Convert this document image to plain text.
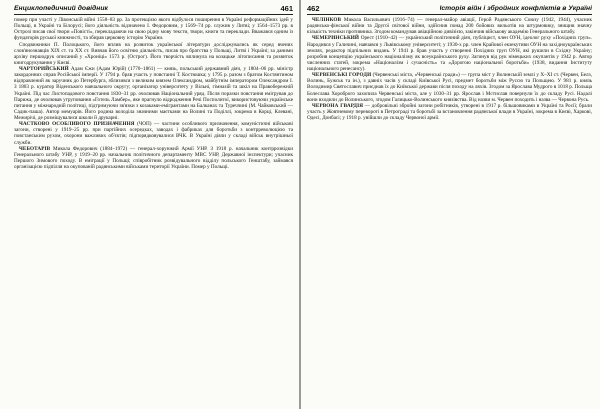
Енциклопедичний довідник	461

помер при участі у Лівонській війні 1558–83 рр. За протекцією якого відбулося поширення в Україні реформаційних ідей у Польщі, в Україні та Білорусі; його діяльність відзначено І. Федоровим, у 1569–74 рр. служив у Литві; у 1564–1573 рр. в Острозі писав свої твори «Повісті», перекладаючи на свою рідну мову тексти, твори, книги та переклади. Вважався одним із фундаторів руської книжності, та збирав церковну історію України.

Сподвижники П. Полоцького, його вплив на розвиток української літератури досліджувались як серед вчених слов'янознавців XIX ст. та XX ст. Вивчав його освітню діяльність, писав про братства у Польщі, Литві і Україні; за даними архіву першодрук описаний у «Хроніці» 1573 р. (Острог). Його творчість вплинула на козацьке літописання та розвиток книгодрукування у Києві.

ЧАРТОРИЙСЬКИЙ Адам Єжи (Адам Юрій) (1770–1861) — князь, польський державний діяч, у 1804–06 рр. міністр закордонних справ Російської імперії. У 1794 р. брав участь у повстанні Т. Костюшка; у 1795 р. разом з братом Костянтином відправлений як заручник до Петербурга, зблизився з великим князем Олександром, майбутнім імператором Олександром I. З 1803 р. куратор Віденського навчального округу; організатор університету у Вільні, гімназій та шкіл на Правобережній Україні. Під час Листопадового повстання 1830–31 рр. очолював Національний уряд. Після поразки повстання емігрував до Парижа, де очолював угруповання «Готель Ламбер», яке прагнуло відродження Речі Посполитої, використовуючи українське питання у міжнародній політиці, підтримуючи зв'язки з козаками-емігрантами на Балканах та Туреччині (М. Чайковський — Садик-паша). Автор мемуарів. Його родина володіла значними маєтками на Волині та Поділлі, зокрема в Корці, Клевані, Межирічі, де розміщувалися школи й друкарні.

ЧАСТКОВО ОСОБЛИВОГО ПРИЗНАЧЕННЯ (ЧОП) — частини особливого призначення, комуністичні військові загони, створені у 1919–25 рр. при партійних осередках, заводах і фабриках для боротьби з контрреволюцією та повстанським рухом, охорони важливих об'єктів; підпорядковувалися ВЧК. В Україні діяли у складі військ внутрішньої служби.

ЧЕБОТАРІВ Микола Федорович (1884–1972) — генерал-хорунжий Армії УНР. З 1918 р. начальник контррозвідки Генерального штабу УНР, у 1919–20 рр. начальник політичного департаменту МВС УНР, Державної інспектури; учасник Першого Зимового походу. В еміграції у Польщі; співробітник розвідувального відділу польського Генштабу, займався організацією підпілля на окупованій радянськими військами території України. Помер у Польщі.

462	Історія війн і збройних конфліктів в Україні

ЧЕЛІНКОВ Микола Васильович (1916–74) — генерал-майор авіації, Герой Радянського Союзу (1942, 1944), учасник радянсько-фінської війни та Другої світової війни, здійснив понад 200 бойових вильотів на штурмовику, знищив значну кількість техніки противника. Згодом командував авіаційною дивізією, закінчив військову академію Генерального штабу.

ЧЕМЕРИНСЬКИЙ Орест (1910–42) — український політичний діяч, публіцист, член ОУН, ідеолог руху «Похідних груп». Народився у Галичині, навчався у Львівському університеті; у 1930-х рр. член Крайової екзекутиви ОУН на західноукраїнських землях, редактор підпільних видань. У 1941 р. брав участь у створенні Похідних груп ОУН, які рушили в Східну Україну; розробив концепцію українського націоналізму як всеукраїнського руху. Загинув від рук німецьких окупантів у 1942 р. Автор численних статей, зокрема «Націоналізм і сучасність» та «Дорогою національної боротьби» (1938, видання Інституту національного ренесансу).

ЧЕРВЕНСЬКІ ГОРОДИ (Червенські міста, «Червенські гради») — група міст у Волинській землі у X–XI ст. (Червен, Белз, Волинь, Бужськ та ін.), з давніх часів у складі Київської Русі, предмет боротьби між Руссю та Польщею. У 981 р. князь Володимир Святославич приєднав їх до Київської держави після походу на ляхів. Згодом за Ярослава Мудрого в 1018 р. Польща Болеслава Хороброго захопила Червенські міста, але у 1030–31 рр. Ярослав і Мстислав повернули їх до складу Русі. Надалі вони входили до Волинського, згодом Галицько-Волинського князівства. Від назви м. Червен походить і назва — Червона Русь.

ЧЕРВОНА ГВАРДІЯ — добровільні збройні загони робітників, утворені в 1917 р. більшовиками в Україні та Росії; брали участь у Жовтневому перевороті в Петрограді та боротьбі за встановлення радянської влади в Україні, зокрема в Києві, Харкові, Одесі, Донбасі; у 1918 р. увійшли до складу Червоної армії.
